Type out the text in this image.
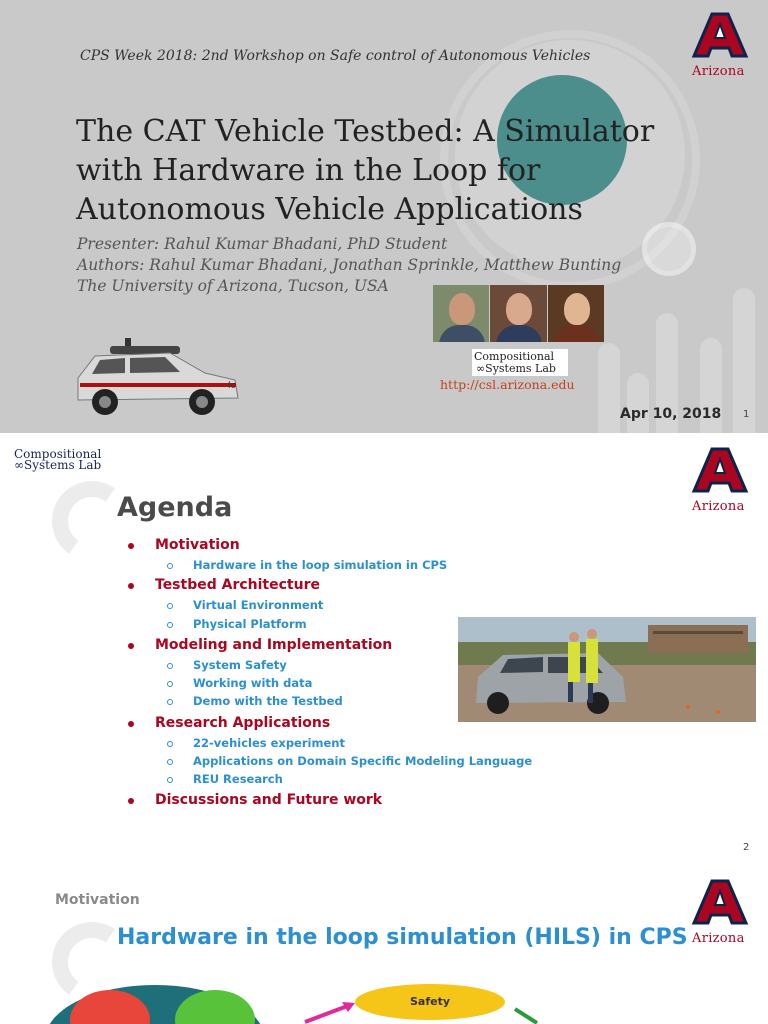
CPS Week 2018: 2nd Workshop on Safe control of Autonomous Vehicles
The CAT Vehicle Testbed: A Simulator with Hardware in the Loop for Autonomous Vehicle Applications
Presenter: Rahul Kumar Bhadani, PhD Student
Authors: Rahul Kumar Bhadani, Jonathan Sprinkle, Matthew Bunting
The University of Arizona, Tucson, USA
Compositional
∞Systems Lab
http://csl.arizona.edu
lc
Arizona
Apr 10, 2018 1
Compositional
∞Systems Lab
Agenda	Arizona
Motivation
Hardware in the loop simulation in CPS
Testbed Architecture
Virtual Environment
Physical Platform
Modeling and Implementation
System Safety
Working with data
Demo with the Testbed
Research Applications
22-vehicles experiment
Applications on Domain Specific Modeling Language
REU Research
Discussions and Future work
2
Motivation
Hardware in the loop simulation (HILS) in CPS Arizona
Safety
